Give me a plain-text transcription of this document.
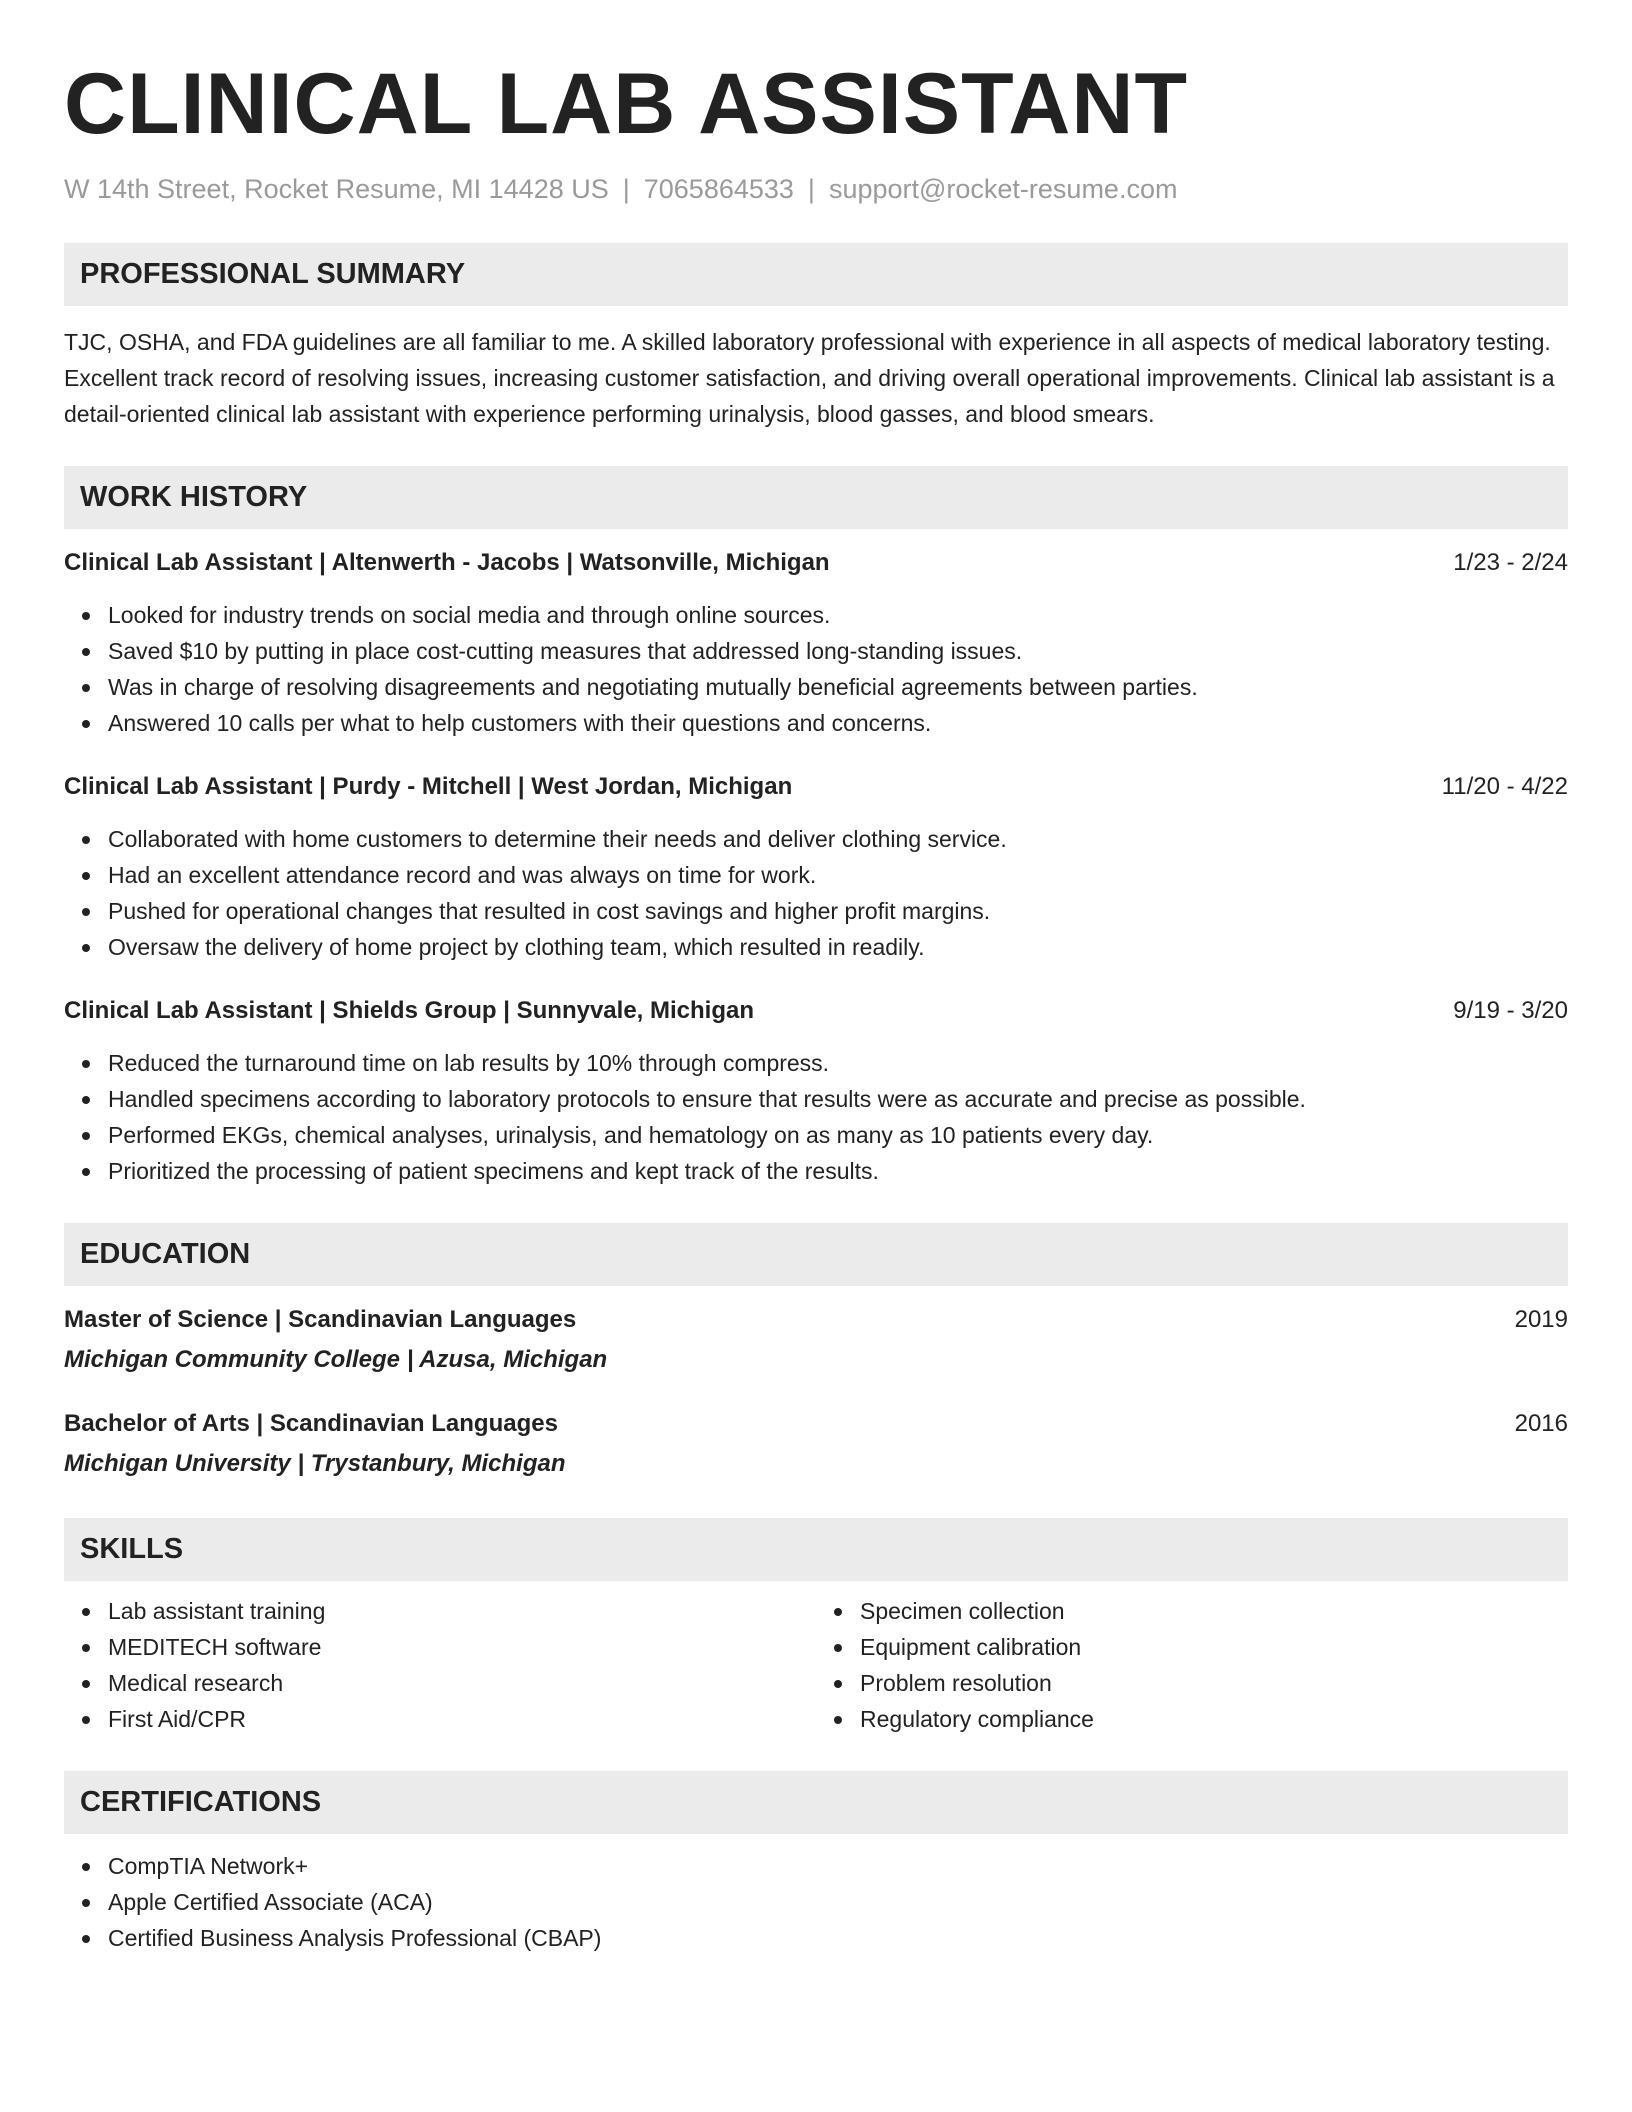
CLINICAL LAB ASSISTANT
W 14th Street, Rocket Resume, MI 14428 US | 7065864533 | support@rocket-resume.com
PROFESSIONAL SUMMARY

TJC, OSHA, and FDA guidelines are all familiar to me. A skilled laboratory professional with experience in all aspects of medical laboratory testing. Excellent track record of resolving issues, increasing customer satisfaction, and driving overall operational improvements. Clinical lab assistant is a detail-oriented clinical lab assistant with experience performing urinalysis, blood gasses, and blood smears.

WORK HISTORY
Clinical Lab Assistant | Altenwerth - Jacobs | Watsonville, Michigan	1/23 - 2/24
Looked for industry trends on social media and through online sources.
Saved $10 by putting in place cost-cutting measures that addressed long-standing issues.
Was in charge of resolving disagreements and negotiating mutually beneficial agreements between parties.
Answered 10 calls per what to help customers with their questions and concerns.
Clinical Lab Assistant | Purdy - Mitchell | West Jordan, Michigan	11/20 - 4/22
Collaborated with home customers to determine their needs and deliver clothing service.
Had an excellent attendance record and was always on time for work.
Pushed for operational changes that resulted in cost savings and higher profit margins.
Oversaw the delivery of home project by clothing team, which resulted in readily.
Clinical Lab Assistant | Shields Group | Sunnyvale, Michigan	9/19 - 3/20
Reduced the turnaround time on lab results by 10% through compress.
Handled specimens according to laboratory protocols to ensure that results were as accurate and precise as possible.
Performed EKGs, chemical analyses, urinalysis, and hematology on as many as 10 patients every day.
Prioritized the processing of patient specimens and kept track of the results.
EDUCATION
Master of Science | Scandinavian Languages	2019
Michigan Community College | Azusa, Michigan
Bachelor of Arts | Scandinavian Languages	2016
Michigan University | Trystanbury, Michigan
SKILLS
Lab assistant training
MEDITECH software
Medical research
First Aid/CPR
Specimen collection
Equipment calibration
Problem resolution
Regulatory compliance
CERTIFICATIONS
CompTIA Network+
Apple Certified Associate (ACA)
Certified Business Analysis Professional (CBAP)
